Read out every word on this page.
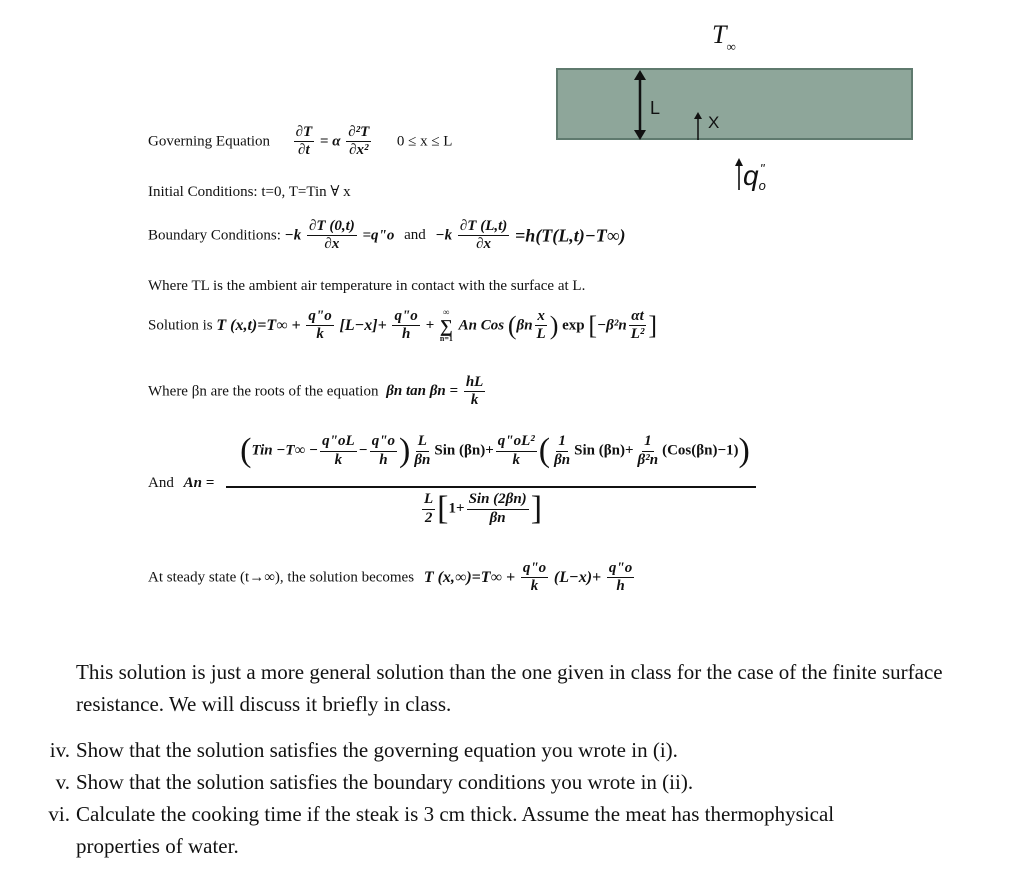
$T_\infty$
L
X
qo"
Governing Equation $\frac{\partial T}{\partial t} = \alpha \frac{\text{∂²T}}{\text{∂x²}} 0 \le x \le L$
Initial Conditions: t=0, T=Tin ∀ x
Boundary Conditions: $-k \frac{\partial T (0,t)}{\partial x}$ =q"o and $-k \frac{\partial T (L,t)}{\partial x} =h(T(L,t)-T\infty)$
Where TL is the ambient air temperature in contact with the surface at L.
Solution is T $(x,t)=T\infty + \frac{q"o}{k} [L-x]+ \frac{q"o}{h}$ +
∞
∑
n=1
An Cos ($\beta n \frac{x}{L}$ ) $\exp [-\beta^2n \frac{\alpha t}{\text{L²}}$ ]
Where βn are the roots of the equation βn $\tan \beta n = \frac{hL}{k}$
And An =
($Tin -T\infty - \frac{q"oL}{k} - \frac{q"o}{h}$ ) $\frac{L}{\beta n}$ Sin $(\beta n)+ \frac{\text{q"oL²}}{k}$ ( $\frac{1}{\beta n}$ Sin $(\beta n)+ \frac{1}{\text{β²n}} (Cos(\beta n)-1)$)
$\frac{L}{2} [1+ \frac{\text{Sin (2βn)}}{\beta n}$ ]
At steady state (t→∞), the solution becomes T $(x,\infty)=T\infty + \frac{q"o}{k} (L-x)+ \frac{q"o}{h}$
This solution is just a more general solution than the one given in class for the case of the finite surface resistance. We will discuss it briefly in class.
iv. Show that the solution satisfies the governing equation you wrote in (i).
v. Show that the solution satisfies the boundary conditions you wrote in (ii).
vi. Calculate the cooking time if the steak is 3 cm thick. Assume the meat has thermophysical properties of water.
